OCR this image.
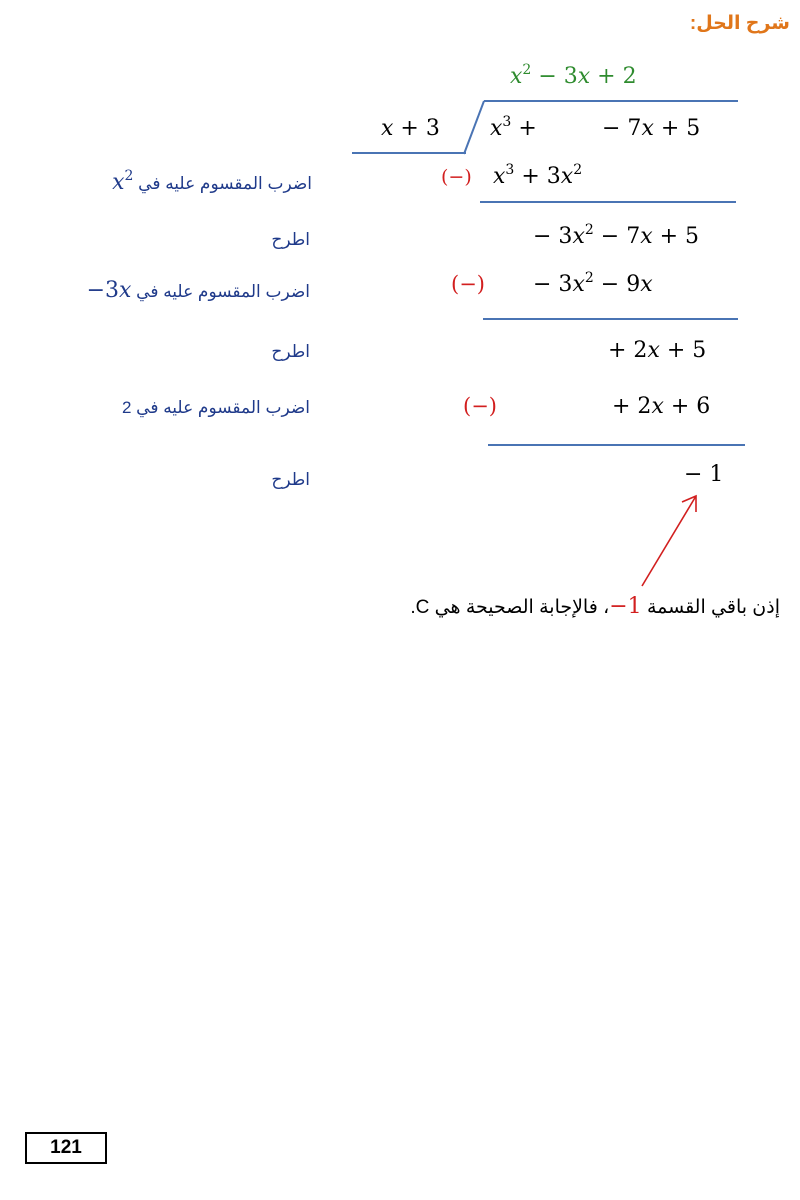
شرح الحل:
$x^2 - 3x + 2$
x + 3 $x^3$ +	− 7x + 5
اضرب المقسوم عليه في $x^2$	(−) $x^3 + 3x^2$
اطرح	− $3x^2 - 7x + 5$
اضرب المقسوم عليه في 3x−	(−) − $3x^2 - 9x$
اطرح	+ 2x + 5
اضرب المقسوم عليه في 2	(−)	+ 2x + 6
اطرح	− 1
إذن باقي القسمة −1، فالإجابة الصحيحة هي C.
121
